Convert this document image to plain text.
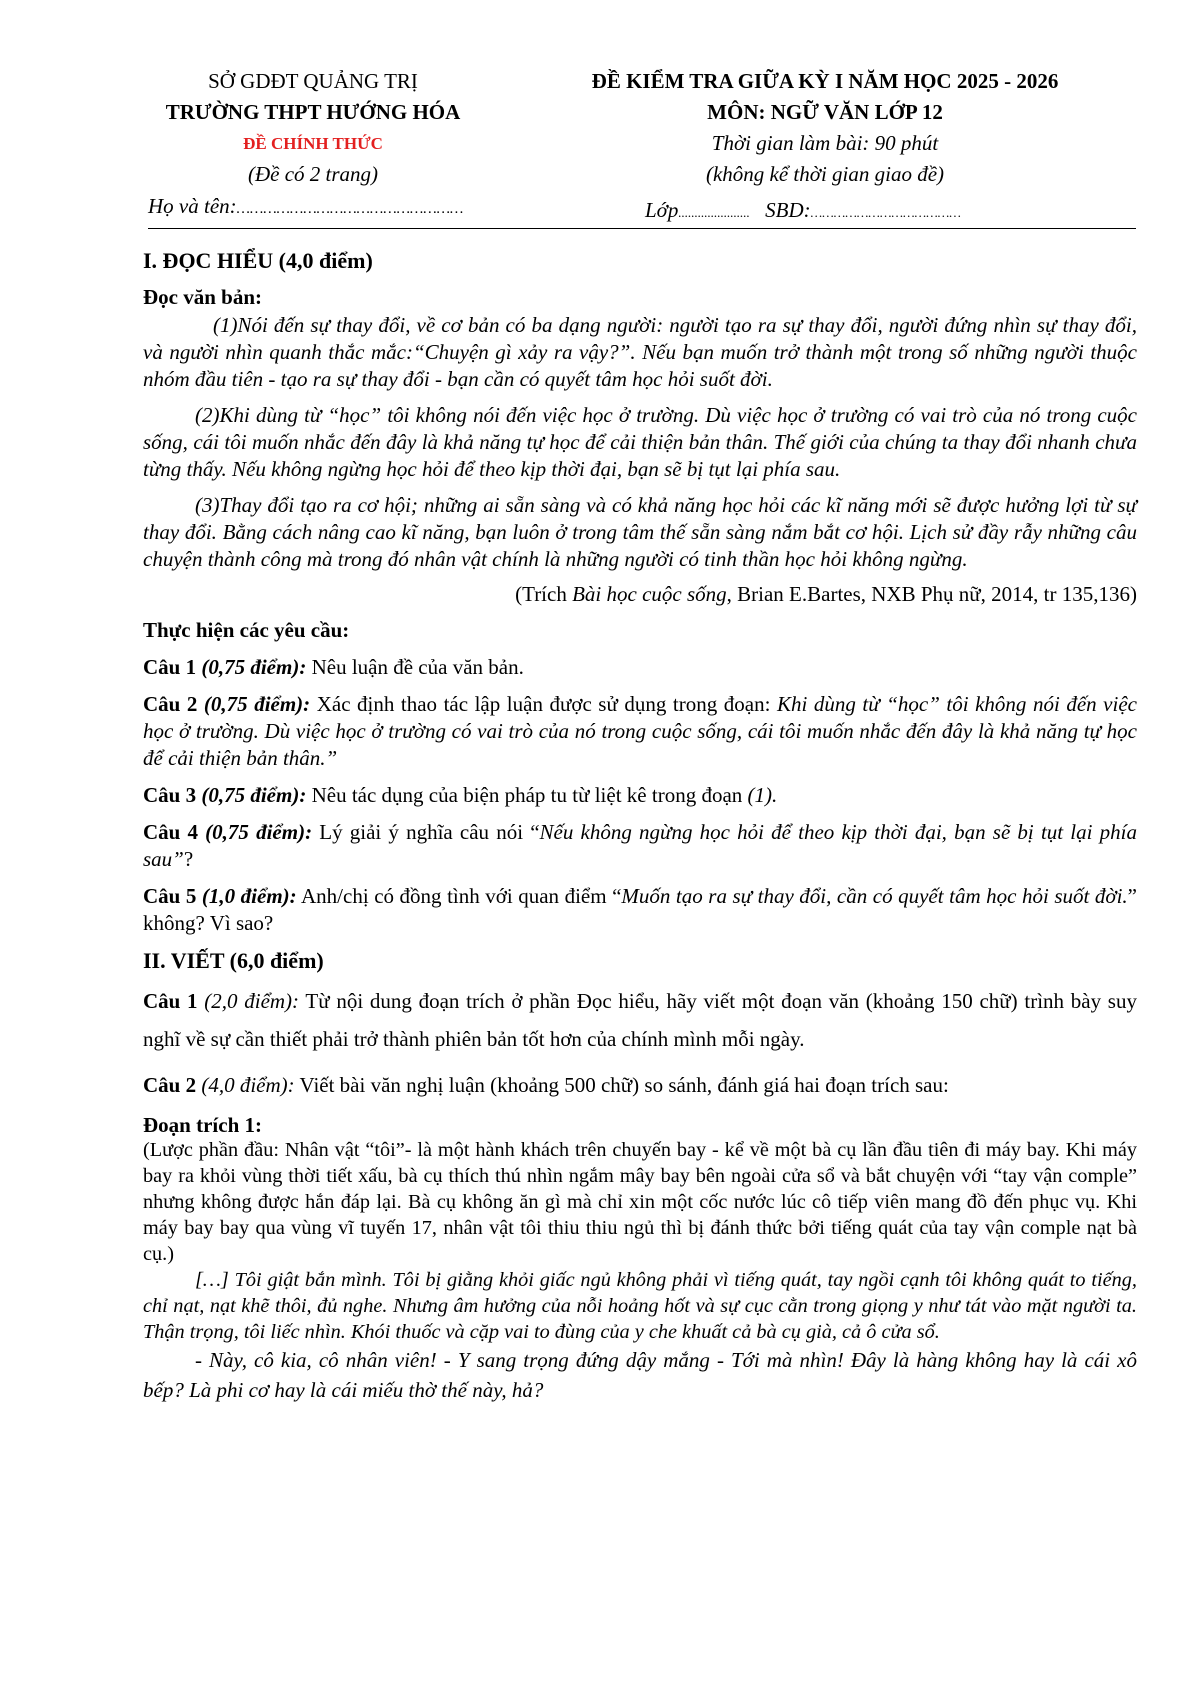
SỞ GDĐT QUẢNG TRỊ
TRƯỜNG THPT HƯỚNG HÓA
ĐỀ CHÍNH THỨC
(Đề có 2 trang)
ĐỀ KIỂM TRA GIỮA KỲ I NĂM HỌC 2025 - 2026
MÔN: NGỮ VĂN LỚP 12
Thời gian làm bài: 90 phút
(không kể thời gian giao đề)
Họ và tên:……………………………………………	Lớp...................... SBD:…………………………………
I. ĐỌC HIỂU (4,0 điểm)
Đọc văn bản:

(1)Nói đến sự thay đổi, về cơ bản có ba dạng người: người tạo ra sự thay đổi, người đứng nhìn sự thay đổi, và người nhìn quanh thắc mắc:“Chuyện gì xảy ra vậy?”. Nếu bạn muốn trở thành một trong số những người thuộc nhóm đầu tiên - tạo ra sự thay đổi - bạn cần có quyết tâm học hỏi suốt đời.

(2)Khi dùng từ “học” tôi không nói đến việc học ở trường. Dù việc học ở trường có vai trò của nó trong cuộc sống, cái tôi muốn nhắc đến đây là khả năng tự học để cải thiện bản thân. Thế giới của chúng ta thay đổi nhanh chưa từng thấy. Nếu không ngừng học hỏi để theo kịp thời đại, bạn sẽ bị tụt lại phía sau.

(3)Thay đổi tạo ra cơ hội; những ai sẵn sàng và có khả năng học hỏi các kĩ năng mới sẽ được hưởng lợi từ sự thay đổi. Bằng cách nâng cao kĩ năng, bạn luôn ở trong tâm thế sẵn sàng nắm bắt cơ hội. Lịch sử đầy rẫy những câu chuyện thành công mà trong đó nhân vật chính là những người có tinh thần học hỏi không ngừng.

(Trích Bài học cuộc sống, Brian E.Bartes, NXB Phụ nữ, 2014, tr 135,136)

Thực hiện các yêu cầu:

Câu 1 (0,75 điểm): Nêu luận đề của văn bản.

Câu 2 (0,75 điểm): Xác định thao tác lập luận được sử dụng trong đoạn: Khi dùng từ “học” tôi không nói đến việc học ở trường. Dù việc học ở trường có vai trò của nó trong cuộc sống, cái tôi muốn nhắc đến đây là khả năng tự học để cải thiện bản thân.”

Câu 3 (0,75 điểm): Nêu tác dụng của biện pháp tu từ liệt kê trong đoạn (1).

Câu 4 (0,75 điểm): Lý giải ý nghĩa câu nói “Nếu không ngừng học hỏi để theo kịp thời đại, bạn sẽ bị tụt lại phía sau”?

Câu 5 (1,0 điểm): Anh/chị có đồng tình với quan điểm “Muốn tạo ra sự thay đổi, cần có quyết tâm học hỏi suốt đời.” không? Vì sao?

II. VIẾT (6,0 điểm)

Câu 1 (2,0 điểm): Từ nội dung đoạn trích ở phần Đọc hiểu, hãy viết một đoạn văn (khoảng 150 chữ) trình bày suy nghĩ về sự cần thiết phải trở thành phiên bản tốt hơn của chính mình mỗi ngày.

Câu 2 (4,0 điểm): Viết bài văn nghị luận (khoảng 500 chữ) so sánh, đánh giá hai đoạn trích sau:

Đoạn trích 1:

(Lược phần đầu: Nhân vật “tôi”- là một hành khách trên chuyến bay - kể về một bà cụ lần đầu tiên đi máy bay. Khi máy bay ra khỏi vùng thời tiết xấu, bà cụ thích thú nhìn ngắm mây bay bên ngoài cửa sổ và bắt chuyện với “tay vận comple” nhưng không được hắn đáp lại. Bà cụ không ăn gì mà chỉ xin một cốc nước lúc cô tiếp viên mang đồ đến phục vụ. Khi máy bay bay qua vùng vĩ tuyến 17, nhân vật tôi thiu thiu ngủ thì bị đánh thức bởi tiếng quát của tay vận comple nạt bà cụ.)

[…] Tôi giật bắn mình. Tôi bị giằng khỏi giấc ngủ không phải vì tiếng quát, tay ngồi cạnh tôi không quát to tiếng, chỉ nạt, nạt khẽ thôi, đủ nghe. Nhưng âm hưởng của nỗi hoảng hốt và sự cục cằn trong giọng y như tát vào mặt người ta. Thận trọng, tôi liếc nhìn. Khói thuốc và cặp vai to đùng của y che khuất cả bà cụ già, cả ô cửa sổ.

- Này, cô kia, cô nhân viên! - Y sang trọng đứng dậy mắng - Tới mà nhìn! Đây là hàng không hay là cái xô bếp? Là phi cơ hay là cái miếu thờ thế này, hả?
